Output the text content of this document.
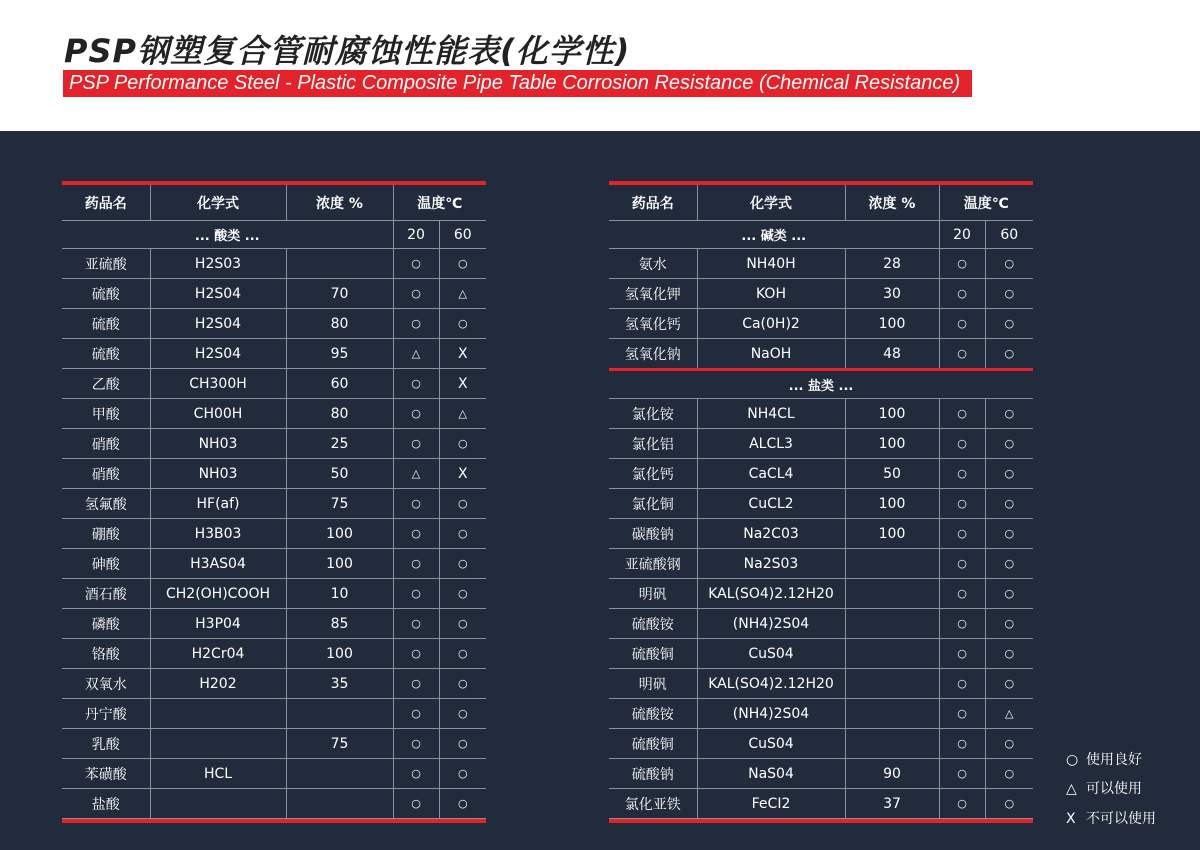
PSP钢塑复合管耐腐蚀性能表(化学性)
PSP Performance Steel - Plastic Composite Pipe Table Corrosion Resistance (Chemical Resistance)
药品名	化学式	浓度 %	温度℃	
... 酸类 ...			20	60
亚硫酸	H2S03		○	○
硫酸	H2S04	70	○	△
硫酸	H2S04	80	○	○
硫酸	H2S04	95	△	X
乙酸	CH300H	60	○	X
甲酸	CH00H	80	○	△
硝酸	NH03	25	○	○
硝酸	NH03	50	△	X
氢氟酸	HF(af)	75	○	○
硼酸	H3B03	100	○	○
砷酸	H3AS04	100	○	○
酒石酸	CH2(OH)COOH	10	○	○
磷酸	H3P04	85	○	○
铬酸	H2Cr04	100	○	○
双氧水	H202	35	○	○
丹宁酸			○	○
乳酸		75	○	○
苯磺酸	HCL		○	○
盐酸			○	○
药品名	化学式	浓度 %	温度℃	
... 碱类 ...			20	60
氨水	NH40H	28	○	○
氢氧化钾	KOH	30	○	○
氢氧化钙	Ca(0H)2	100	○	○
氢氧化钠	NaOH	48	○	○
... 盐类 ...				
氯化铵	NH4CL	100	○	○
氯化铝	ALCL3	100	○	○
氯化钙	CaCL4	50	○	○
氯化铜	CuCL2	100	○	○
碳酸钠	Na2C03	100	○	○
亚硫酸钢	Na2S03		○	○
明矾	KAL(SO4)2.12H20		○	○
硫酸铵	(NH4)2S04		○	○
硫酸铜	CuS04		○	○
明矾	KAL(SO4)2.12H20		○	○
硫酸铵	(NH4)2S04		○	△
硫酸铜	CuS04		○	○
硫酸钠	NaS04	90	○	○
氯化亚铁	FeCI2	37	○	○
○ 使用良好
△ 可以使用
X 不可以使用
